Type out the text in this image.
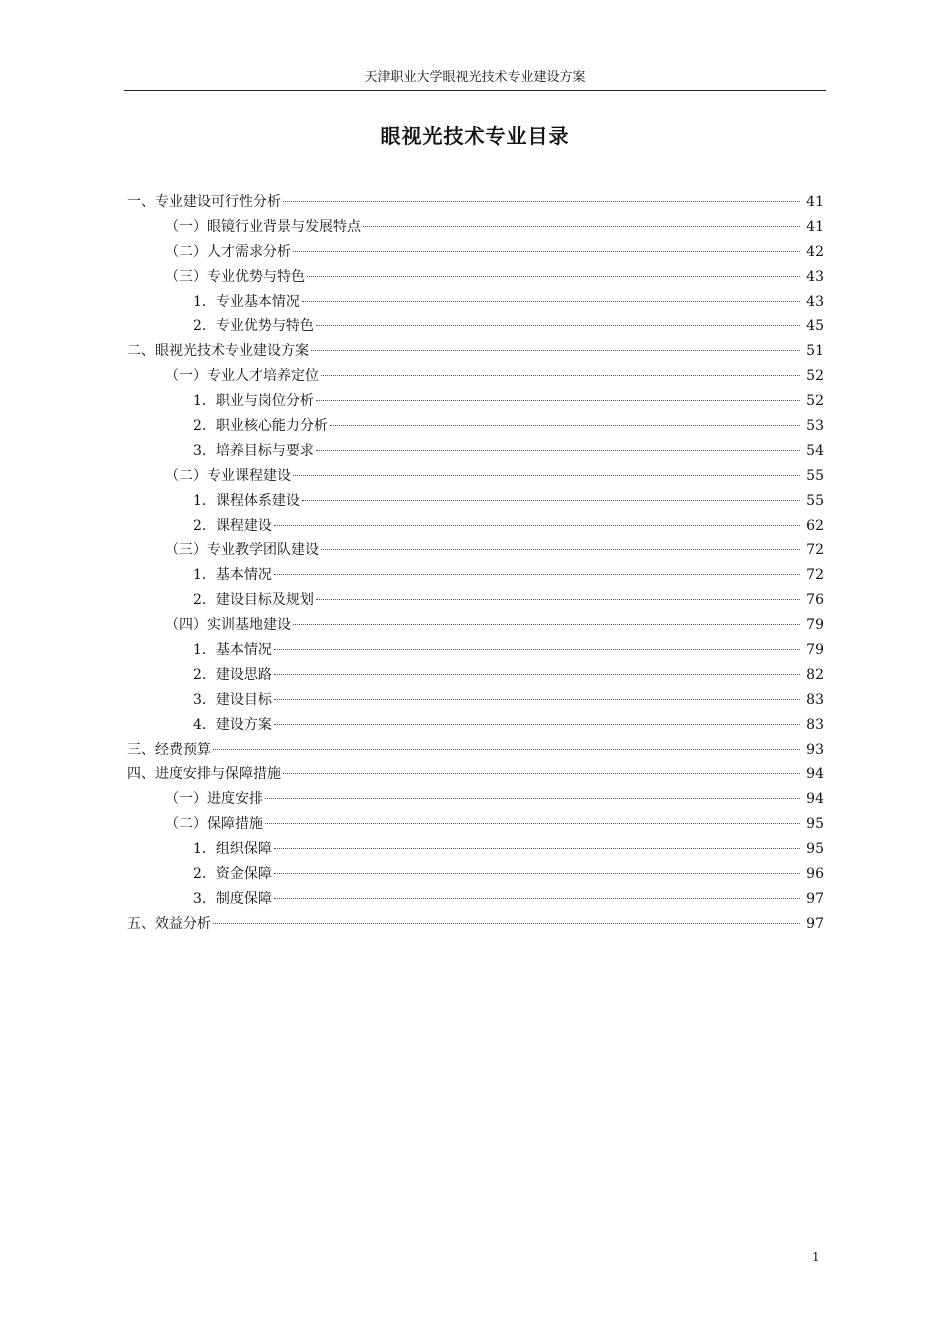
天津职业大学眼视光技术专业建设方案
眼视光技术专业目录
一、专业建设可行性分析	41
（一）眼镜行业背景与发展特点	41
（二）人才需求分析	42
（三）专业优势与特色	43
1．专业基本情况	43
2．专业优势与特色	45
二、眼视光技术专业建设方案	51
（一）专业人才培养定位	52
1．职业与岗位分析	52
2．职业核心能力分析	53
3．培养目标与要求	54
（二）专业课程建设	55
1．课程体系建设	55
2．课程建设	62
（三）专业教学团队建设	72
1．基本情况	72
2．建设目标及规划	76
（四）实训基地建设	79
1．基本情况	79
2．建设思路	82
3．建设目标	83
4．建设方案	83
三、经费预算	93
四、进度安排与保障措施	94
（一）进度安排	94
（二）保障措施	95
1．组织保障	95
2．资金保障	96
3．制度保障	97
五、效益分析	97
1
